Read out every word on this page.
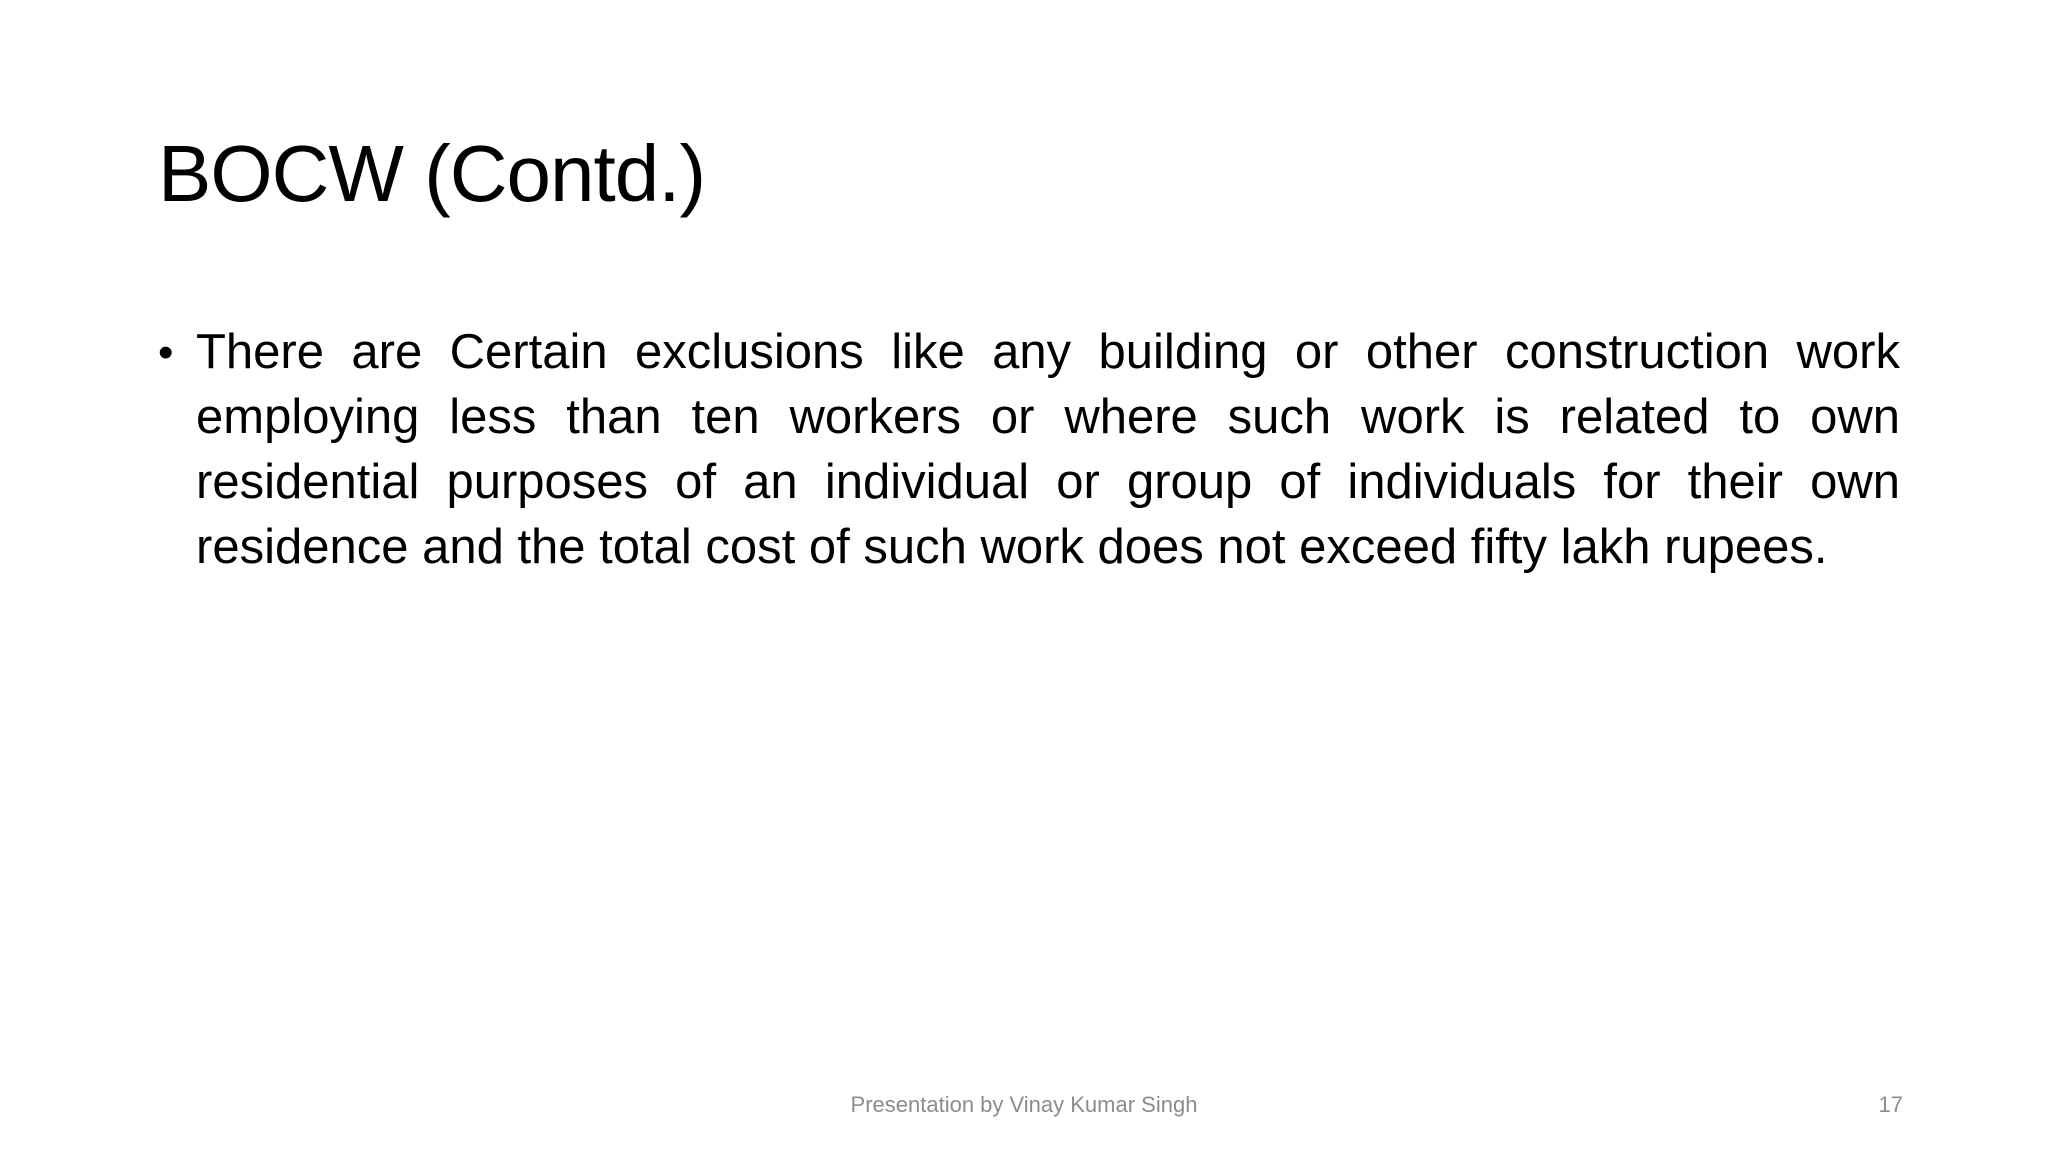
BOCW (Contd.)
• There are Certain exclusions like any building or other construction work employing less than ten workers or where such work is related to own residential purposes of an individual or group of individuals for their own residence and the total cost of such work does not exceed fifty lakh rupees.
Presentation by Vinay Kumar Singh	17
